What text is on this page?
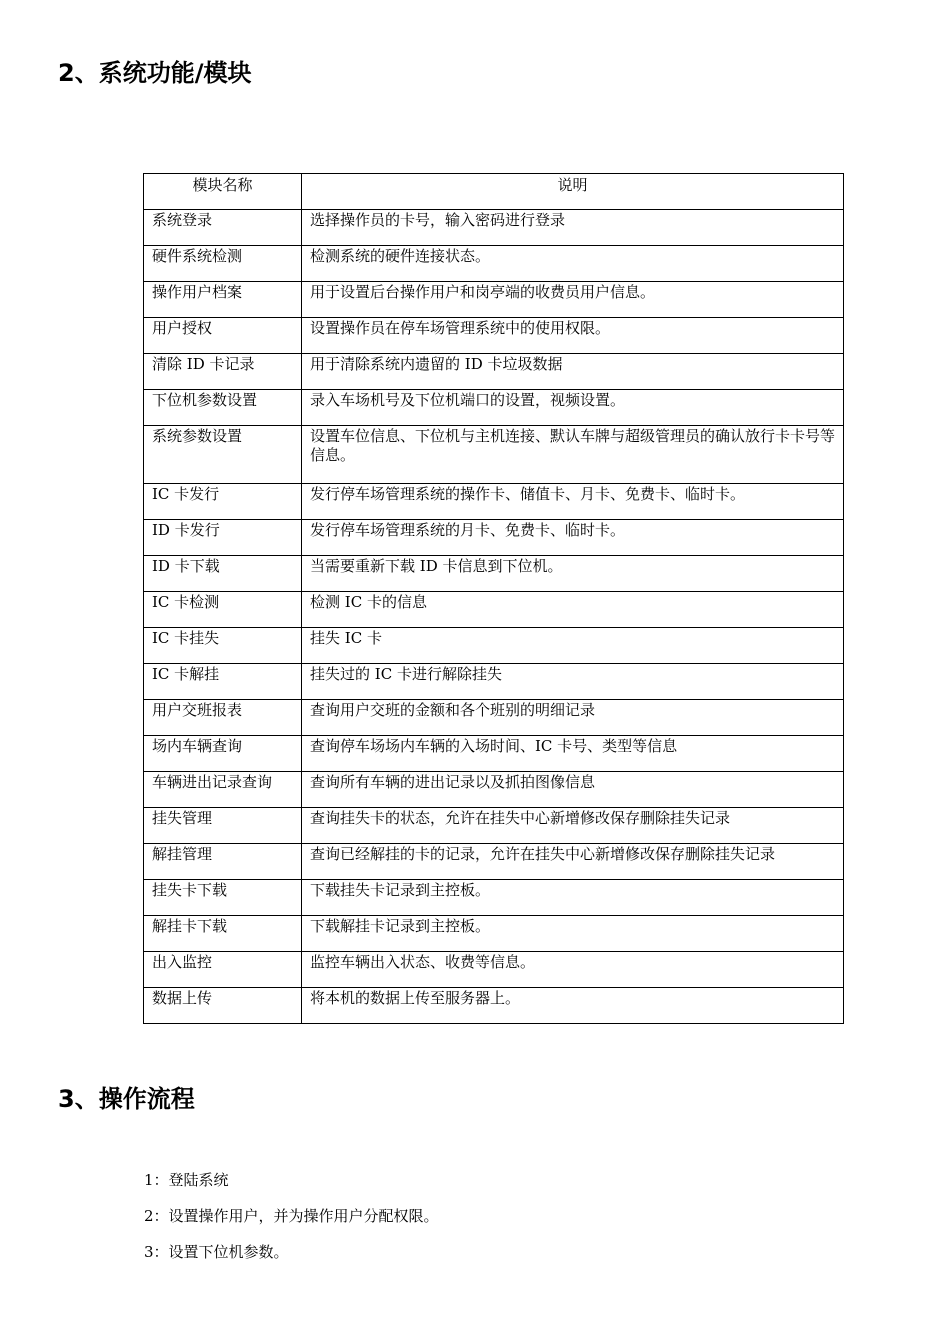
2、系统功能/模块
模块名称	说明
系统登录	选择操作员的卡号，输入密码进行登录
硬件系统检测	检测系统的硬件连接状态。
操作用户档案	用于设置后台操作用户和岗亭端的收费员用户信息。
用户授权	设置操作员在停车场管理系统中的使用权限。
清除 ID 卡记录	用于清除系统内遗留的 ID 卡垃圾数据
下位机参数设置	录入车场机号及下位机端口的设置，视频设置。
系统参数设置	设置车位信息、下位机与主机连接、默认车牌与超级管理员的确认放行卡卡号等信息。
IC 卡发行	发行停车场管理系统的操作卡、储值卡、月卡、免费卡、临时卡。
ID 卡发行	发行停车场管理系统的月卡、免费卡、临时卡。
ID 卡下载	当需要重新下载 ID 卡信息到下位机。
IC 卡检测	检测 IC 卡的信息
IC 卡挂失	挂失 IC 卡
IC 卡解挂	挂失过的 IC 卡进行解除挂失
用户交班报表	查询用户交班的金额和各个班别的明细记录
场内车辆查询	查询停车场场内车辆的入场时间、IC 卡号、类型等信息
车辆进出记录查询	查询所有车辆的进出记录以及抓拍图像信息
挂失管理	查询挂失卡的状态，允许在挂失中心新增修改保存删除挂失记录
解挂管理	查询已经解挂的卡的记录，允许在挂失中心新增修改保存删除挂失记录
挂失卡下载	下载挂失卡记录到主控板。
解挂卡下载	下载解挂卡记录到主控板。
出入监控	监控车辆出入状态、收费等信息。
数据上传	将本机的数据上传至服务器上。
3、操作流程
1：登陆系统
2：设置操作用户，并为操作用户分配权限。
3：设置下位机参数。
